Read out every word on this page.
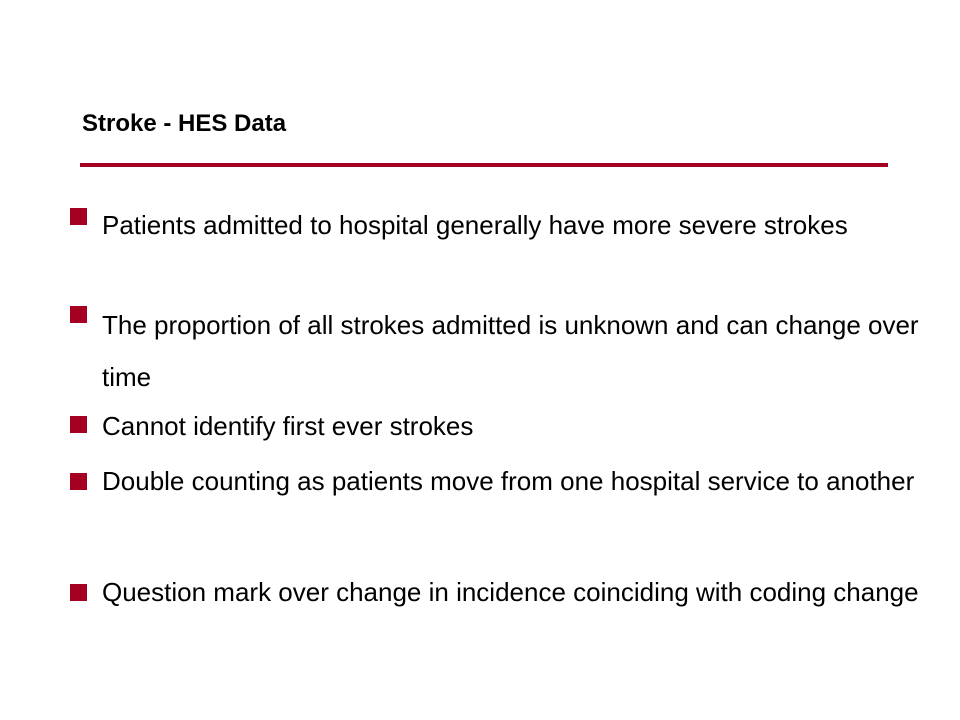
Stroke - HES Data
Patients admitted to hospital generally have more severe strokes
The proportion of all strokes admitted is unknown and can change over time
Cannot identify first ever strokes
Double counting as patients move from one hospital service to another
Question mark over change in incidence coinciding with coding change
